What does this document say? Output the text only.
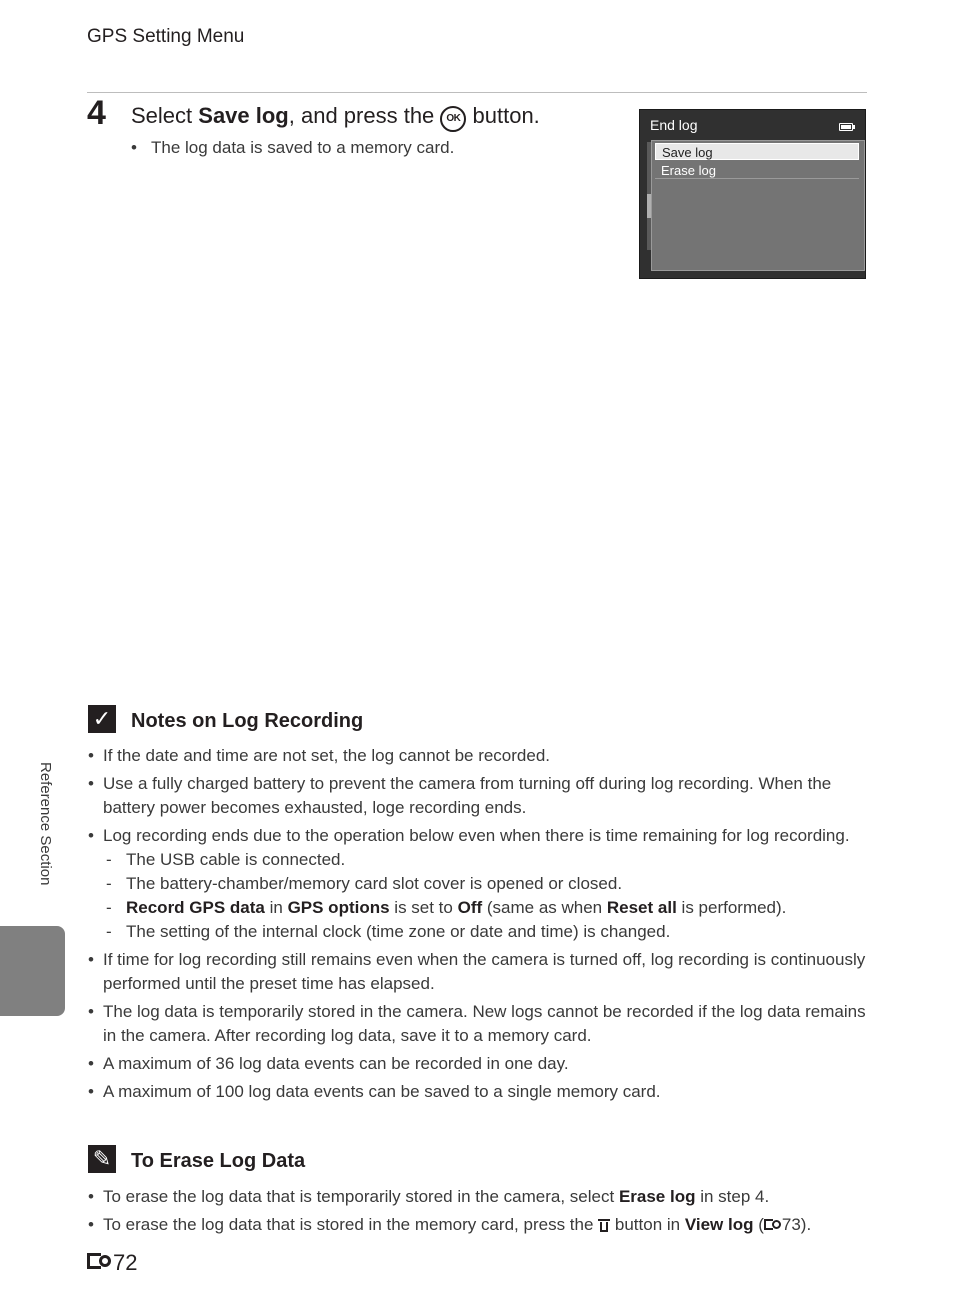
GPS Setting Menu
4 Select Save log, and press the OK button.
• The log data is saved to a memory card.
End log
Save log
Erase log
✓ Notes on Log Recording
• If the date and time are not set, the log cannot be recorded.
• Use a fully charged battery to prevent the camera from turning off during log recording. When the battery power becomes exhausted, loge recording ends.
• Log recording ends due to the operation below even when there is time remaining for log recording.
- The USB cable is connected.
- The battery-chamber/memory card slot cover is opened or closed.
- Record GPS data in GPS options is set to Off (same as when Reset all is performed).
- The setting of the internal clock (time zone or date and time) is changed.
• If time for log recording still remains even when the camera is turned off, log recording is continuously performed until the preset time has elapsed.
• The log data is temporarily stored in the camera. New logs cannot be recorded if the log data remains in the camera. After recording log data, save it to a memory card.
• A maximum of 36 log data events can be recorded in one day.
• A maximum of 100 log data events can be saved to a single memory card.
✎ To Erase Log Data
• To erase the log data that is temporarily stored in the camera, select Erase log in step 4.
• To erase the log data that is stored in the memory card, press the  button in View log ( 73).
Reference Section
72
